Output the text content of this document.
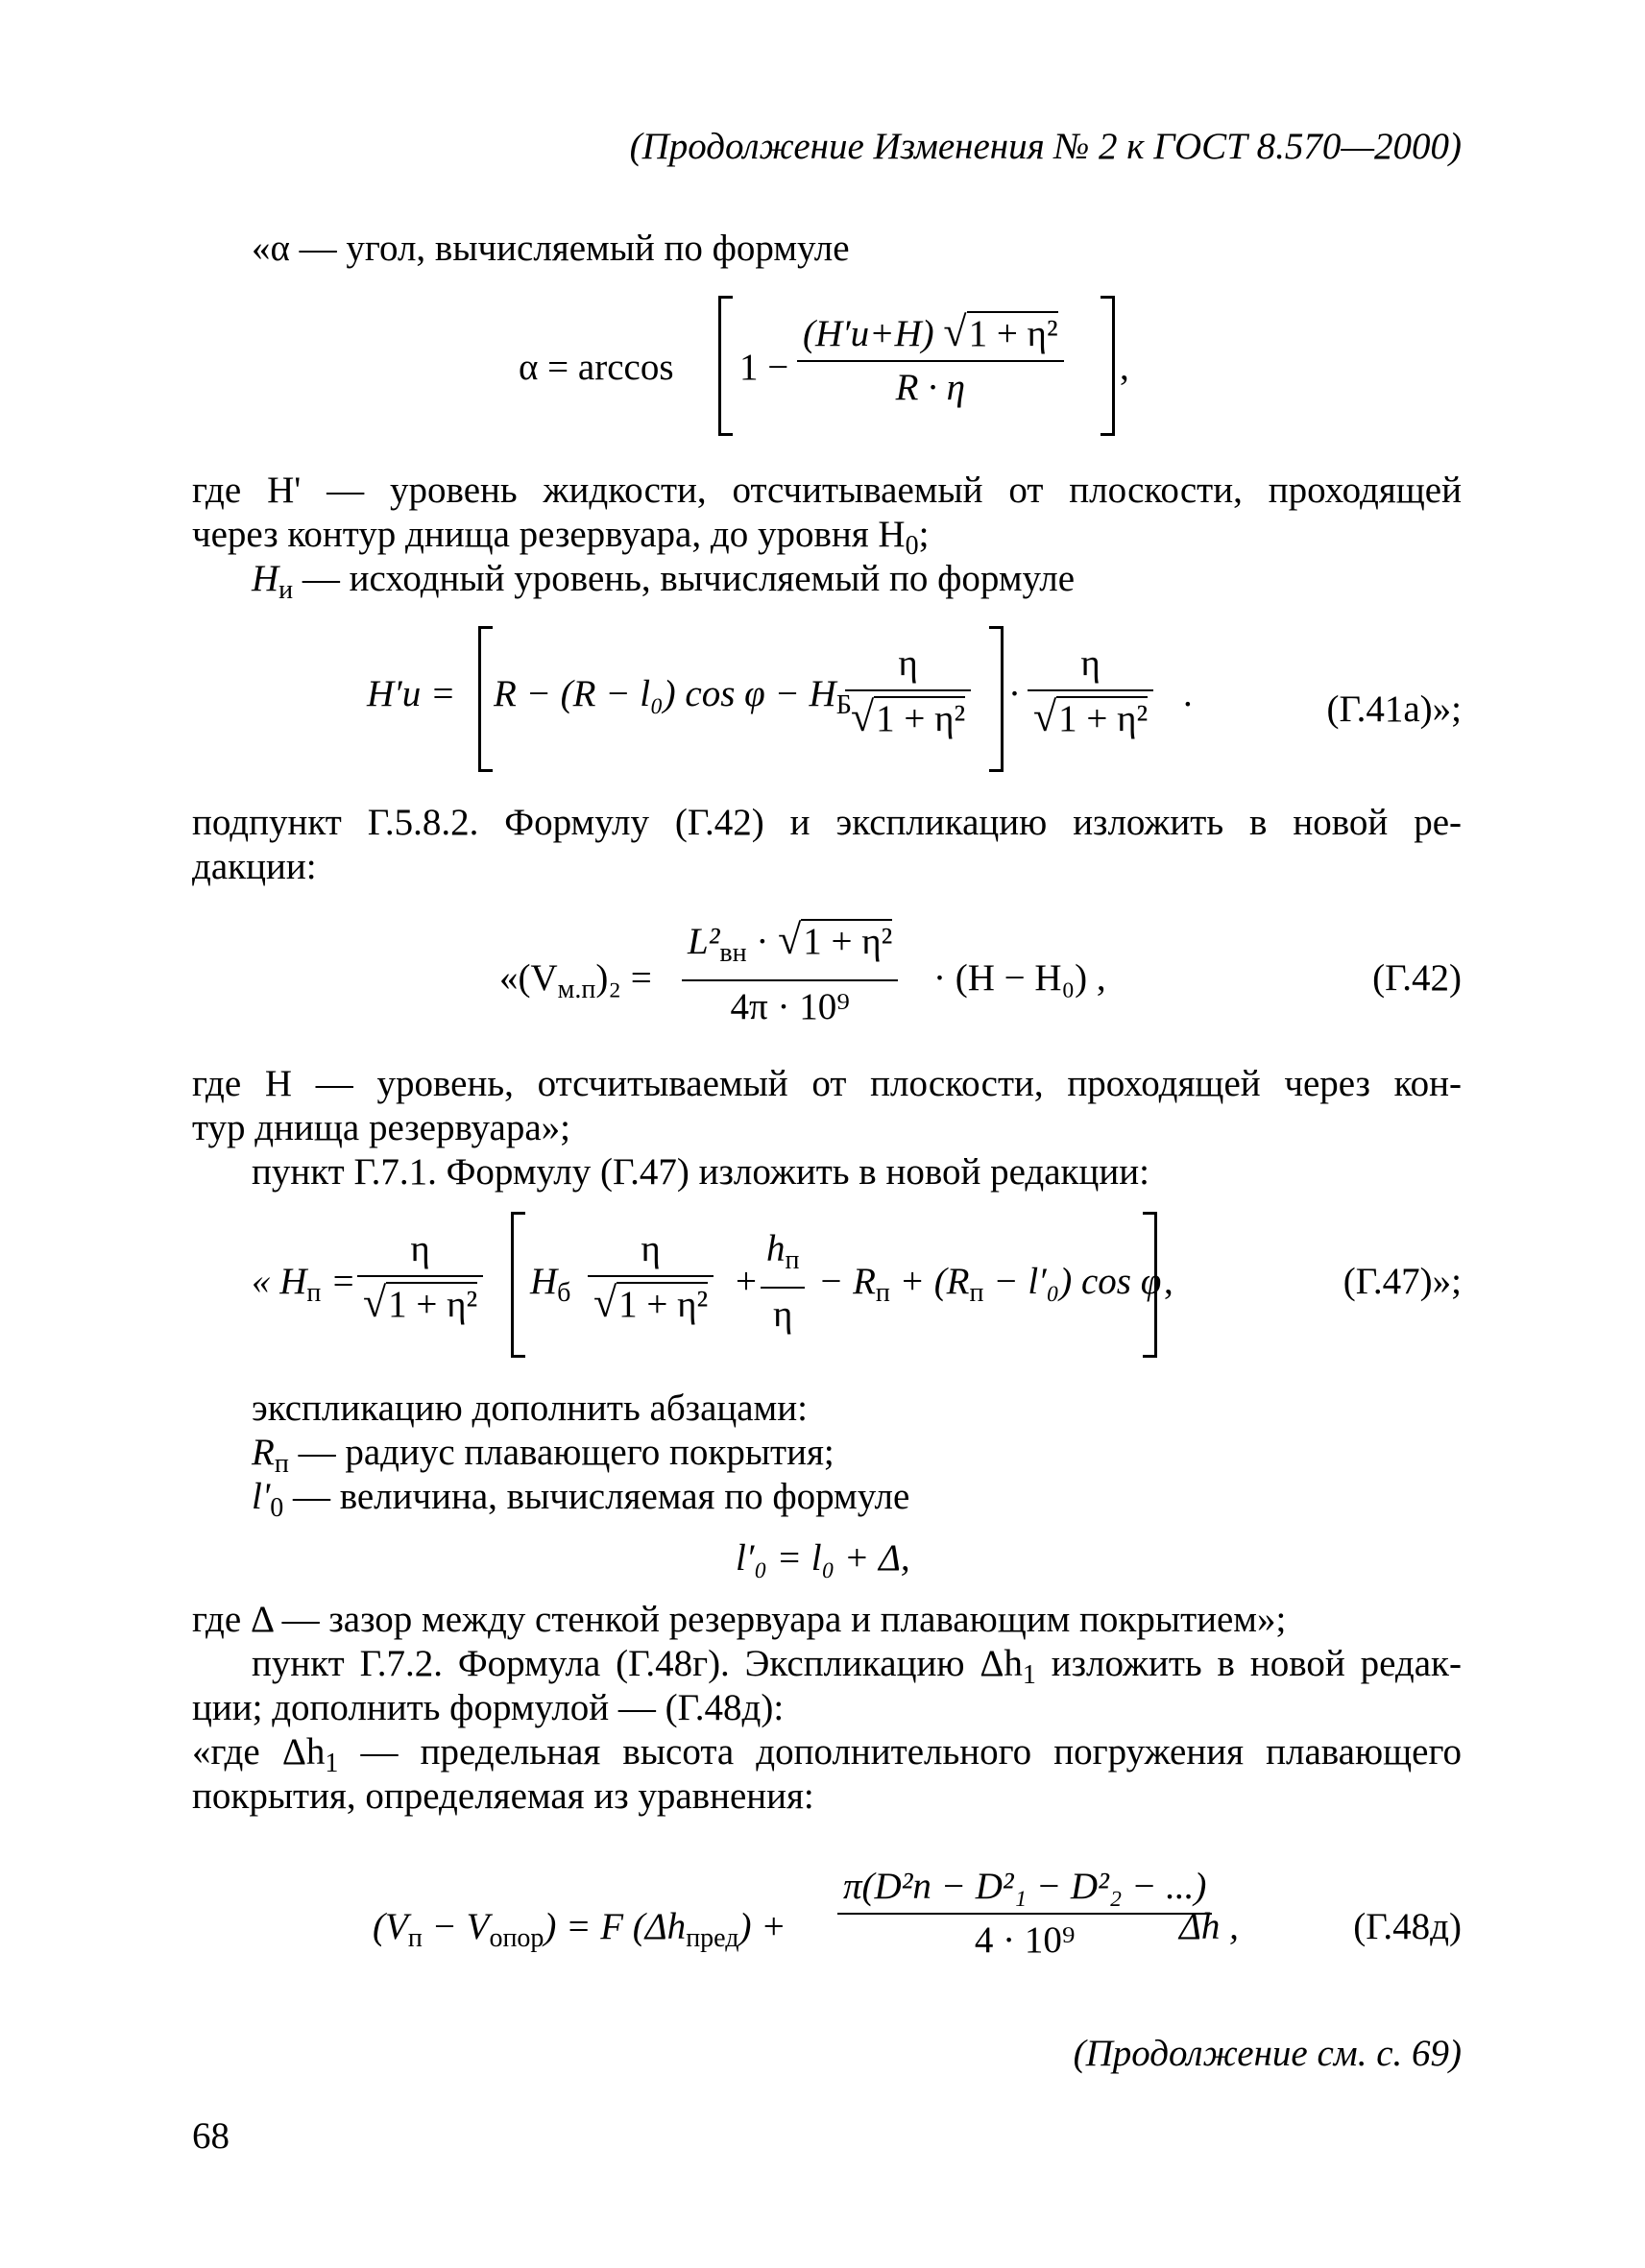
(Продолжение Изменения № 2 к ГОСТ 8.570—2000)
«α — угол, вычисляемый по формуле
$\alpha = \arccos 1 - \frac{\text{(H′и+H) √1 + η²}}{R \cdot \eta}$ ,
где H' — уровень жидкости, отсчитываемый от плоскости, проходящей
через контур днища резервуара, до уровня $H_0$;
$H_и$ — исходный уровень, вычисляемый по формуле
H′и = R − (R − l₀) $\cos \varphi - H_Б$
$\frac{\eta}{\text{√1 + η²}} \cdot \frac{\eta}{\text{√1 + η²}}$ .	(Г.41а)»;
подпункт Г.5.8.2. Формулу (Г.42) и экспликацию изложить в новой ре-
дакции:
«$(V_{м.п})_2 = \frac{L^2_{вн} \cdot √1 + \eta^2}{\text{4π · 10⁹}} \cdot (H - H_0)$ ,	(Г.42)
где H — уровень, отсчитываемый от плоскости, проходящей через кон-
тур днища резервуара»;
пункт Г.7.1. Формулу (Г.47) изложить в новой редакции:
« $H_п = \frac{\eta}{\text{√1 + η²}} H_б \frac{\eta}{\text{√1 + η²}} + \frac{h_п}{\eta} - R_п + (R_п - l'_0)$ cos φ ,	(Г.47)»;
экспликацию дополнить абзацами:
$R_п$ — радиус плавающего покрытия;
$l'_0$ — величина, вычисляемая по формуле
l′₀ = l₀ + Δ,
где Δ — зазор между стенкой резервуара и плавающим покрытием»;
пункт Г.7.2. Формула (Г.48г). Экспликацию $\Delta h_1$ изложить в новой редак-
ции; дополнить формулой — (Г.48д):
«где $\Delta h_1$ — предельная высота дополнительного погружения плавающего
покрытия, определяемая из уравнения:
$(V_п - V_{опор}) = F$ $(\Delta h_{пред}) + \frac{\text{π(D²п − D²₁ − D²₂ − ...)}}{\text{4 · 10⁹}}$
Δh ,	(Г.48д)
(Продолжение см. с. 69)
68
